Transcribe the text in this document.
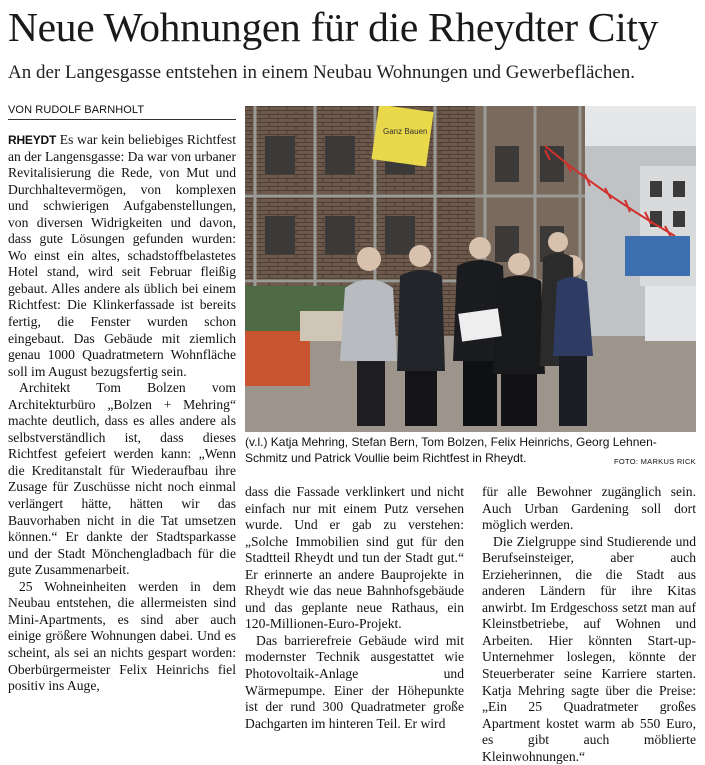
Neue Wohnungen für die Rheydter City
An der Langesgasse entstehen in einem Neubau Wohnungen und Gewerbeflächen.
VON RUDOLF BARNHOLT

RHEYDT Es war kein beliebiges Richtfest an der Langensgasse: Da war von urbaner Revitalisierung die Rede, von Mut und Durchhaltevermögen, von komplexen und schwierigen Aufgabenstellungen, von diversen Widrigkeiten und davon, dass gute Lösungen gefunden wurden: Wo einst ein altes, schadstoffbelastetes Hotel stand, wird seit Februar fleißig gebaut. Alles andere als üblich bei einem Richtfest: Die Klinkerfassade ist bereits fertig, die Fenster wurden schon eingebaut. Das Gebäude mit ziemlich genau 1000 Quadratmetern Wohnfläche soll im August bezugsfertig sein.

Architekt Tom Bolzen vom Architekturbüro „Bolzen + Mehring“ machte deutlich, dass es alles andere als selbstverständlich ist, dass dieses Richtfest gefeiert werden kann: „Wenn die Kreditanstalt für Wiederaufbau ihre Zusage für Zuschüsse nicht noch einmal verlängert hätte, hätten wir das Bauvorhaben nicht in die Tat umsetzen können.“ Er dankte der Stadtsparkasse und der Stadt Mönchengladbach für die gute Zusammenarbeit.

25 Wohneinheiten werden in dem Neubau entstehen, die allermeisten sind Mini-Apartments, es sind aber auch einige größere Wohnungen dabei. Und es scheint, als sei an nichts gespart worden: Oberbürgermeister Felix Heinrichs fiel positiv ins Auge,

Ganz Bauen
(v.l.) Katja Mehring, Stefan Bern, Tom Bolzen, Felix Heinrichs, Georg Lehnen-Schmitz und Patrick Voullie beim Richtfest in Rheydt.	FOTO: MARKUS RICK

dass die Fassade verklinkert und nicht einfach nur mit einem Putz versehen wurde. Und er gab zu verstehen: „Solche Immobilien sind gut für den Stadtteil Rheydt und tun der Stadt gut.“ Er erinnerte an andere Bauprojekte in Rheydt wie das neue Bahnhofsgebäude und das geplante neue Rathaus, ein 120-Millionen-Euro-Projekt.

Das barrierefreie Gebäude wird mit modernster Technik ausgestattet wie Photovoltaik-Anlage und Wärmepumpe. Einer der Höhepunkte ist der rund 300 Quadratmeter große Dachgarten im hinteren Teil. Er wird

für alle Bewohner zugänglich sein. Auch Urban Gardening soll dort möglich werden.

Die Zielgruppe sind Studierende und Berufseinsteiger, aber auch Erzieherinnen, die die Stadt aus anderen Ländern für ihre Kitas anwirbt. Im Erdgeschoss setzt man auf Kleinstbetriebe, auf Wohnen und Arbeiten. Hier könnten Start-up-Unternehmer loslegen, könnte der Steuerberater seine Karriere starten. Katja Mehring sagte über die Preise: „Ein 25 Quadratmeter großes Apartment kostet warm ab 550 Euro, es gibt auch möblierte Kleinwohnungen.“
